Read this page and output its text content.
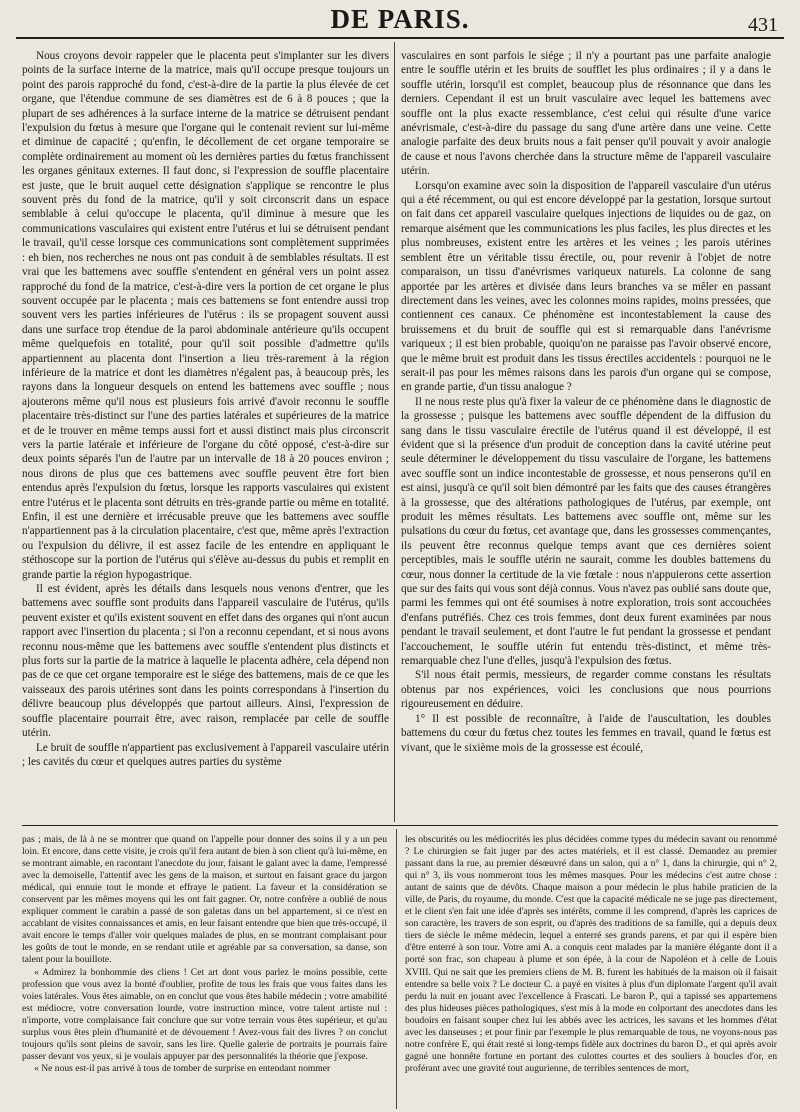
DE PARIS.	431

Nous croyons devoir rappeler que le placenta peut s'implanter sur les divers points de la surface interne de la matrice, mais qu'il occupe presque toujours un point des parois rapproché du fond, c'est-à-dire de la partie la plus élevée de cet organe, que l'étendue commune de ses diamètres est de 6 à 8 pouces ; que la plupart de ses adhérences à la surface interne de la matrice se détruisent pendant l'expulsion du fœtus à mesure que l'organe qui le contenait revient sur lui-même et diminue de capacité ; qu'enfin, le décollement de cet organe temporaire se complète ordinairement au moment où les dernières parties du fœtus franchissent les organes génitaux externes. Il faut donc, si l'expression de souffle placentaire est juste, que le bruit auquel cette désignation s'applique se rencontre le plus souvent près du fond de la matrice, qu'il y soit circonscrit dans un espace semblable à celui qu'occupe le placenta, qu'il diminue à mesure que les communications vasculaires qui existent entre l'utérus et lui se détruisent pendant le travail, qu'il cesse lorsque ces communications sont complètement supprimées : eh bien, nos recherches ne nous ont pas conduit à de semblables résultats. Il est vrai que les battemens avec souffle s'entendent en général vers un point assez rapproché du fond de la matrice, c'est-à-dire vers la portion de cet organe le plus souvent occupée par le placenta ; mais ces battemens se font entendre aussi trop souvent vers les parties inférieures de l'utérus : ils se propagent souvent aussi dans une surface trop étendue de la paroi abdominale antérieure qu'ils occupent même quelquefois en totalité, pour qu'il soit possible d'admettre qu'ils appartiennent au placenta dont l'insertion a lieu très-rarement à la région inférieure de la matrice et dont les diamètres n'égalent pas, à beaucoup près, les rayons dans la longueur desquels on entend les battemens avec souffle ; nous ajouterons même qu'il nous est plusieurs fois arrivé d'avoir reconnu le souffle placentaire très-distinct sur l'une des parties latérales et supérieures de la matrice et de le trouver en même temps aussi fort et aussi distinct mais plus circonscrit vers la partie latérale et inférieure de l'organe du côté opposé, c'est-à-dire sur deux points séparés l'un de l'autre par un intervalle de 18 à 20 pouces environ ; nous dirons de plus que ces battemens avec souffle peuvent être fort bien entendus après l'expulsion du fœtus, lorsque les rapports vasculaires qui existent entre l'utérus et le placenta sont détruits en très-grande partie ou même en totalité. Enfin, il est une dernière et irrécusable preuve que les battemens avec souffle n'appartiennent pas à la circulation placentaire, c'est que, même après l'extraction ou l'expulsion du délivre, il est assez facile de les entendre en appliquant le stéthoscope sur la portion de l'utérus qui s'élève au-dessus du pubis et remplit en grande partie la région hypogastrique.

Il est évident, après les détails dans lesquels nous venons d'entrer, que les battemens avec souffle sont produits dans l'appareil vasculaire de l'utérus, qu'ils peuvent exister et qu'ils existent souvent en effet dans des organes qui n'ont aucun rapport avec l'insertion du placenta ; si l'on a reconnu cependant, et si nous avons reconnu nous-même que les battemens avec souffle s'entendent plus distincts et plus forts sur la partie de la matrice à laquelle le placenta adhère, cela dépend non pas de ce que cet organe temporaire est le siége des battemens, mais de ce que les vaisseaux des parois utérines sont dans les points correspondans à l'insertion du délivre beaucoup plus développés que partout ailleurs. Ainsi, l'expression de souffle placentaire pourrait être, avec raison, remplacée par celle de souffle utérin.

Le bruit de souffle n'appartient pas exclusivement à l'appareil vasculaire utérin ; les cavités du cœur et quelques autres parties du système

vasculaires en sont parfois le siége ; il n'y a pourtant pas une parfaite analogie entre le souffle utérin et les bruits de soufflet les plus ordinaires ; il y a dans le souffle utérin, lorsqu'il est complet, beaucoup plus de résonnance que dans les derniers. Cependant il est un bruit vasculaire avec lequel les battemens avec souffle ont la plus exacte ressemblance, c'est celui qui résulte d'une varice anévrismale, c'est-à-dire du passage du sang d'une artère dans une veine. Cette analogie parfaite des deux bruits nous a fait penser qu'il pouvait y avoir analogie de cause et nous l'avons cherchée dans la structure même de l'appareil vasculaire utérin.

Lorsqu'on examine avec soin la disposition de l'appareil vasculaire d'un utérus qui a été récemment, ou qui est encore développé par la gestation, lorsque surtout on fait dans cet appareil vasculaire quelques injections de liquides ou de gaz, on remarque aisément que les communications les plus faciles, les plus directes et les plus nombreuses, existent entre les artères et les veines ; les parois utérines semblent être un véritable tissu érectile, ou, pour revenir à l'objet de notre comparaison, un tissu d'anévrismes variqueux naturels. La colonne de sang apportée par les artères et divisée dans leurs branches va se mêler en passant directement dans les veines, avec les colonnes moins rapides, moins pressées, que contiennent ces canaux. Ce phénomène est incontestablement la cause des bruissemens et du bruit de souffle qui est si remarquable dans l'anévrisme variqueux ; il est bien probable, quoiqu'on ne paraisse pas l'avoir observé encore, que le même bruit est produit dans les tissus érectiles accidentels : pourquoi ne le serait-il pas pour les mêmes raisons dans les parois d'un organe qui se compose, en grande partie, d'un tissu analogue ?

Il ne nous reste plus qu'à fixer la valeur de ce phénomène dans le diagnostic de la grossesse ; puisque les battemens avec souffle dépendent de la diffusion du sang dans le tissu vasculaire érectile de l'utérus quand il est développé, il est évident que si la présence d'un produit de conception dans la cavité utérine peut seule déterminer le développement du tissu vasculaire de l'organe, les battemens avec souffle sont un indice incontestable de grossesse, et nous penserons qu'il en est ainsi, jusqu'à ce qu'il soit bien démontré par les faits que des causes étrangères à la grossesse, que des altérations pathologiques de l'utérus, par exemple, ont produit les mêmes résultats. Les battemens avec souffle ont, même sur les pulsations du cœur du fœtus, cet avantage que, dans les grossesses commençantes, ils peuvent être reconnus quelque temps avant que ces dernières soient perceptibles, mais le souffle utérin ne saurait, comme les doubles battemens du cœur, nous donner la certitude de la vie fœtale : nous n'appuierons cette assertion que sur des faits qui vous sont déjà connus. Vous n'avez pas oublié sans doute que, parmi les femmes qui ont été soumises à notre exploration, trois sont accouchées d'enfans putréfiés. Chez ces trois femmes, dont deux furent examinées par nous pendant le travail seulement, et dont l'autre le fut pendant la grossesse et pendant l'accouchement, le souffle utérin fut entendu très-distinct, et même très-remarquable chez l'une d'elles, jusqu'à l'expulsion des fœtus.

S'il nous était permis, messieurs, de regarder comme constans les résultats obtenus par nos expériences, voici les conclusions que nous pourrions rigoureusement en déduire.

1° Il est possible de reconnaître, à l'aide de l'auscultation, les doubles battemens du cœur du fœtus chez toutes les femmes en travail, quand le fœtus est vivant, que le sixième mois de la grossesse est écoulé,

pas ; mais, de là à ne se montrer que quand on l'appelle pour donner des soins il y a un peu loin. Et encore, dans cette visite, je crois qu'il fera autant de bien à son client qu'à lui-même, en se montrant aimable, en racontant l'anecdote du jour, faisant le galant avec la dame, l'empressé avec la demoiselle, l'attentif avec les gens de la maison, et surtout en faisant grace du jargon médical, qui ennuie tout le monde et effraye le patient. La faveur et la considération se conservent par les mêmes moyens qui les ont fait gagner. Or, notre confrère a oublié de nous expliquer comment le carabin a passé de son galetas dans un bel appartement, si ce n'est en accablant de visites connaissances et amis, en leur faisant entendre que bien que très-occupé, il avait encore le temps d'aller voir quelques malades de plus, en se montrant complaisant pour les goûts de tout le monde, en se rendant utile et agréable par sa conversation, sa danse, son talent pour la bouillote.

« Admirez la bonhommie des cliens ! Cet art dont vous parlez le moins possible, cette profession que vous avez la bonté d'oublier, profite de tous les frais que vous faites dans les voies latérales. Vous êtes aimable, on en conclut que vous êtes habile médecin ; votre amabilité est médiocre, votre conversation lourde, votre instruction mince, votre talent artiste nul : n'importe, votre complaisance fait conclure que sur votre terrain vous êtes supérieur, et qu'au surplus vous êtes plein d'humanité et de dévouement ! Avez-vous fait des livres ? on conclut toujours qu'ils sont pleins de savoir, sans les lire. Quelle galerie de portraits je pourrais faire passer devant vos yeux, si je voulais appuyer par des personnalités la théorie que j'expose.

« Ne nous est-il pas arrivé à tous de tomber de surprise en entendant nommer

les obscurités ou les médiocrités les plus décidées comme types du médecin savant ou renommé ? Le chirurgien se fait juger par des actes matériels, et il est classé. Demandez au premier passant dans la rue, au premier désœuvré dans un salon, qui a n° 1, dans la chirurgie, qui n° 2, qui n° 3, ils vous nommeront tous les mêmes masques. Pour les médecins c'est autre chose : autant de saints que de dévôts. Chaque maison a pour médecin le plus habile praticien de la ville, de Paris, du royaume, du monde. C'est que la capacité médicale ne se juge pas directement, et le client s'en fait une idée d'après ses intérêts, comme il les comprend, d'après les caprices de son caractère, les travers de son esprit, ou d'après des traditions de sa famille, qui a depuis deux tiers de siècle le même médecin, lequel a enterré ses grands parens, et par qui il espère bien d'être enterré à son tour. Votre ami A. a conquis cent malades par la manière élégante dont il a porté son frac, son chapeau à plume et son épée, à la cour de Napoléon et à celle de Louis XVIII. Qui ne sait que les premiers cliens de M. B. furent les habitués de la maison où il faisait entendre sa belle voix ? Le docteur C. a payé en visites à plus d'un diplomate l'argent qu'il avait perdu la nuit en jouant avec l'excellence à Frascati. Le baron P., qui a tapissé ses appartemens des plus hideuses pièces pathologiques, s'est mis à la mode en colportant des anecdotes dans les boudoirs en faisant souper chez lui les abbés avec les actrices, les savans et les hommes d'état avec les danseuses ; et pour finir par l'exemple le plus remarquable de tous, ne voyons-nous pas notre confrère E, qui était resté si long-temps fidèle aux doctrines du baron D., et qui après avoir gagné une honnête fortune en portant des culottes courtes et des souliers à boucles d'or, en proférant avec une gravité tout augurienne, de terribles sentences de mort,
